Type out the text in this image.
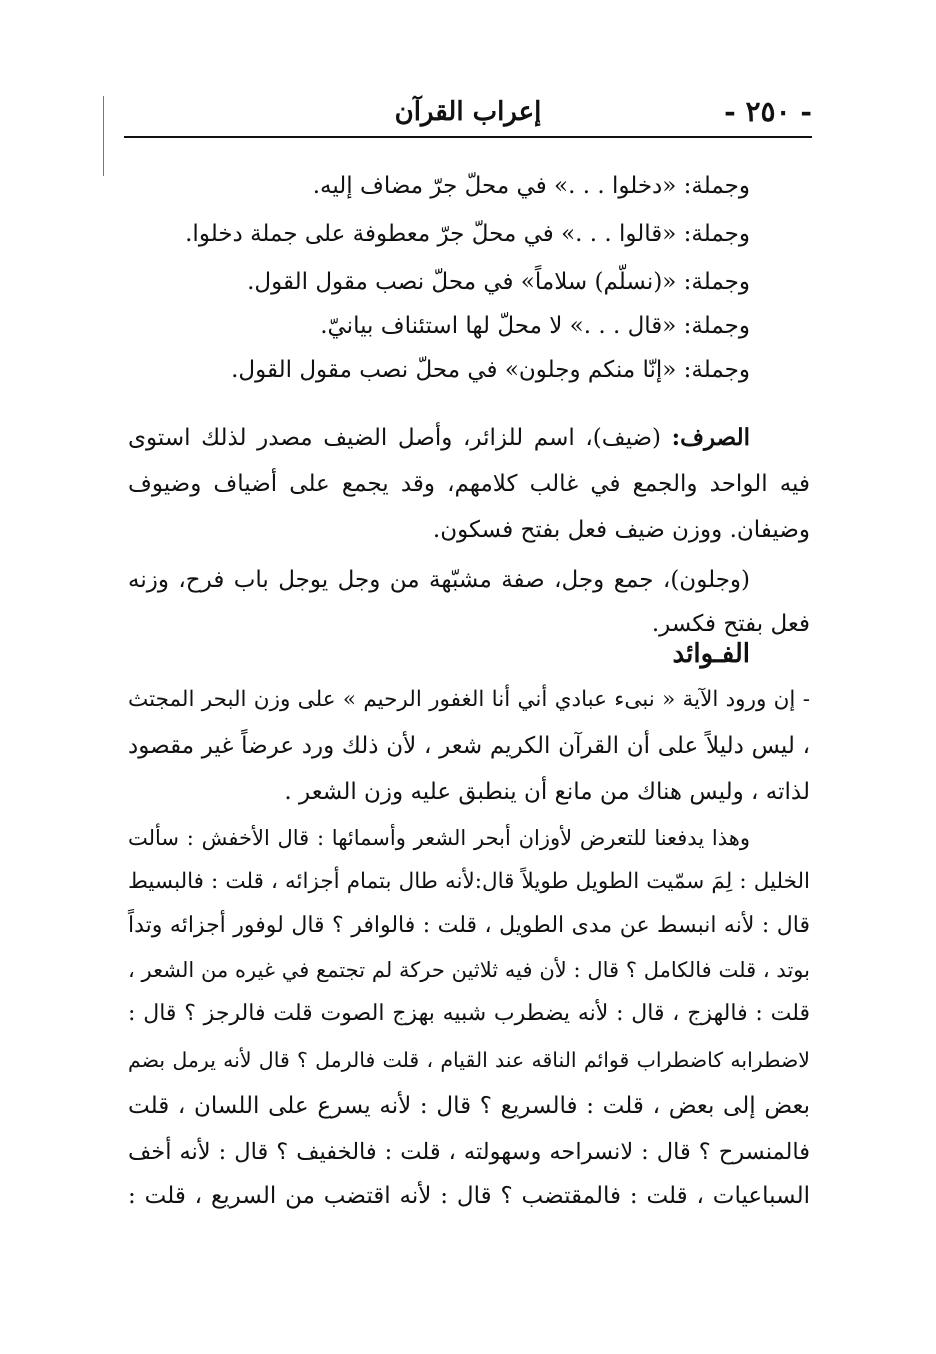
- ٢٥٠ -
إعراب القرآن
وجملة: «دخلوا . . .» في محلّ جرّ مضاف إليه.
وجملة: «قالوا . . .» في محلّ جرّ معطوفة على جملة دخلوا.
وجملة: «(نسلّم) سلاماً» في محلّ نصب مقول القول.
وجملة: «قال . . .» لا محلّ لها استئناف بيانيّ.
وجملة: «إنّا منكم وجلون» في محلّ نصب مقول القول.
الصرف: (ضيف)، اسم للزائر، وأصل الضيف مصدر لذلك استوى
فيه الواحد والجمع في غالب كلامهم، وقد يجمع على أضياف وضيوف
وضيفان. ووزن ضيف فعل بفتح فسكون.
(وجلون)، جمع وجل، صفة مشبّهة من وجل يوجل باب فرح، وزنه
فعل بفتح فكسر.
الفـوائد
- إن ورود الآية « نبىء عبادي أني أنا الغفور الرحيم » على وزن البحر المجتث
، ليس دليلاً على أن القرآن الكريم شعر ، لأن ذلك ورد عرضاً غير مقصود
لذاته ، وليس هناك من مانع أن ينطبق عليه وزن الشعر .
وهذا يدفعنا للتعرض لأوزان أبحر الشعر وأسمائها : قال الأخفش : سألت
الخليل : لِمَ سمّيت الطويل طويلاً قال:لأنه طال بتمام أجزائه ، قلت : فالبسيط
قال : لأنه انبسط عن مدى الطويل ، قلت : فالوافر ؟ قال لوفور أجزائه وتداً
بوتد ، قلت فالكامل ؟ قال : لأن فيه ثلاثين حركة لم تجتمع في غيره من الشعر ،
قلت : فالهزج ، قال : لأنه يضطرب شبيه بهزج الصوت قلت فالرجز ؟ قال :
لاضطرابه كاضطراب قوائم الناقه عند القيام ، قلت فالرمل ؟ قال لأنه يرمل بضم
بعض إلى بعض ، قلت : فالسريع ؟ قال : لأنه يسرع على اللسان ، قلت
فالمنسرح ؟ قال : لانسراحه وسهولته ، قلت : فالخفيف ؟ قال : لأنه أخف
السباعيات ، قلت : فالمقتضب ؟ قال : لأنه اقتضب من السريع ، قلت :
